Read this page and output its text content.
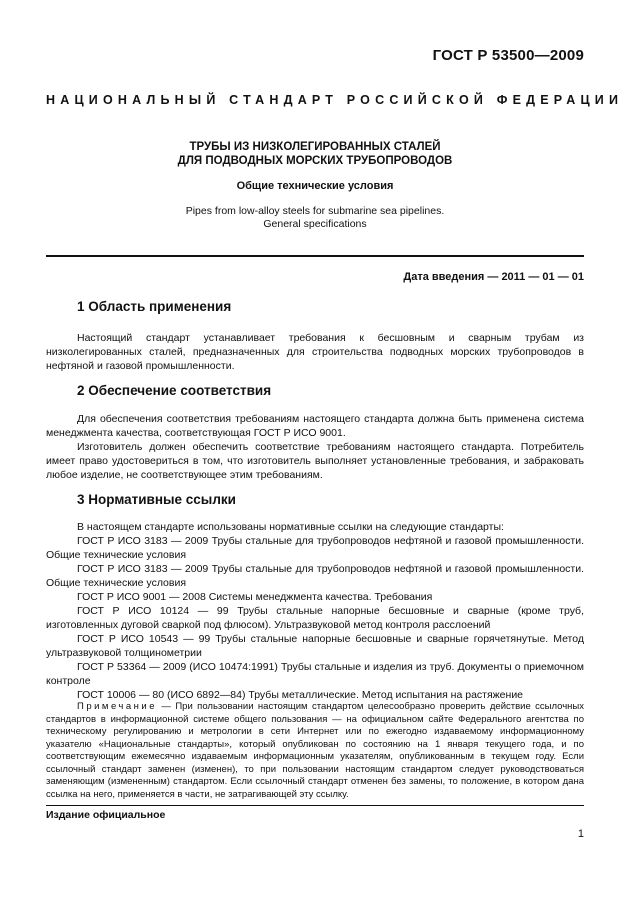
ГОСТ Р 53500—2009
НАЦИОНАЛЬНЫЙ СТАНДАРТ РОССИЙСКОЙ ФЕДЕРАЦИИ
ТРУБЫ ИЗ НИЗКОЛЕГИРОВАННЫХ СТАЛЕЙ
ДЛЯ ПОДВОДНЫХ МОРСКИХ ТРУБОПРОВОДОВ
Общие технические условия
Pipes from low-alloy steels for submarine sea pipelines.
General specifications
Дата введения — 2011 — 01 — 01
1 Область применения

Настоящий стандарт устанавливает требования к бесшовным и сварным трубам из низколегированных сталей, предназначенных для строительства подводных морских трубопроводов в нефтяной и газовой промышленности.

2 Обеспечение соответствия

Для обеспечения соответствия требованиям настоящего стандарта должна быть применена система менеджмента качества, соответствующая ГОСТ Р ИСО 9001.

Изготовитель должен обеспечить соответствие требованиям настоящего стандарта. Потребитель имеет право удостовериться в том, что изготовитель выполняет установленные требования, и забраковать любое изделие, не соответствующее этим требованиям.

3 Нормативные ссылки

В настоящем стандарте использованы нормативные ссылки на следующие стандарты:

ГОСТ Р ИСО 3183 — 2009 Трубы стальные для трубопроводов нефтяной и газовой промышленности. Общие технические условия

ГОСТ Р ИСО 3183 — 2009 Трубы стальные для трубопроводов нефтяной и газовой промышленности. Общие технические условия

ГОСТ Р ИСО 9001 — 2008 Системы менеджмента качества. Требования

ГОСТ Р ИСО 10124 — 99 Трубы стальные напорные бесшовные и сварные (кроме труб, изготовленных дуговой сваркой под флюсом). Ультразвуковой метод контроля расслоений

ГОСТ Р ИСО 10543 — 99 Трубы стальные напорные бесшовные и сварные горячетянутые. Метод ультразвуковой толщинометрии

ГОСТ Р 53364 — 2009 (ИСО 10474:1991) Трубы стальные и изделия из труб. Документы о приемочном контроле

ГОСТ 10006 — 80 (ИСО 6892—84) Трубы металлические. Метод испытания на растяжение

Примечание — При пользовании настоящим стандартом целесообразно проверить действие ссылочных стандартов в информационной системе общего пользования — на официальном сайте Федерального агентства по техническому регулированию и метрологии в сети Интернет или по ежегодно издаваемому информационному указателю «Национальные стандарты», который опубликован по состоянию на 1 января текущего года, и по соответствующим ежемесячно издаваемым информационным указателям, опубликованным в текущем году. Если ссылочный стандарт заменен (изменен), то при пользовании настоящим стандартом следует руководствоваться заменяющим (измененным) стандартом. Если ссылочный стандарт отменен без замены, то положение, в котором дана ссылка на него, применяется в части, не затрагивающей эту ссылку.

Издание официальное
1
